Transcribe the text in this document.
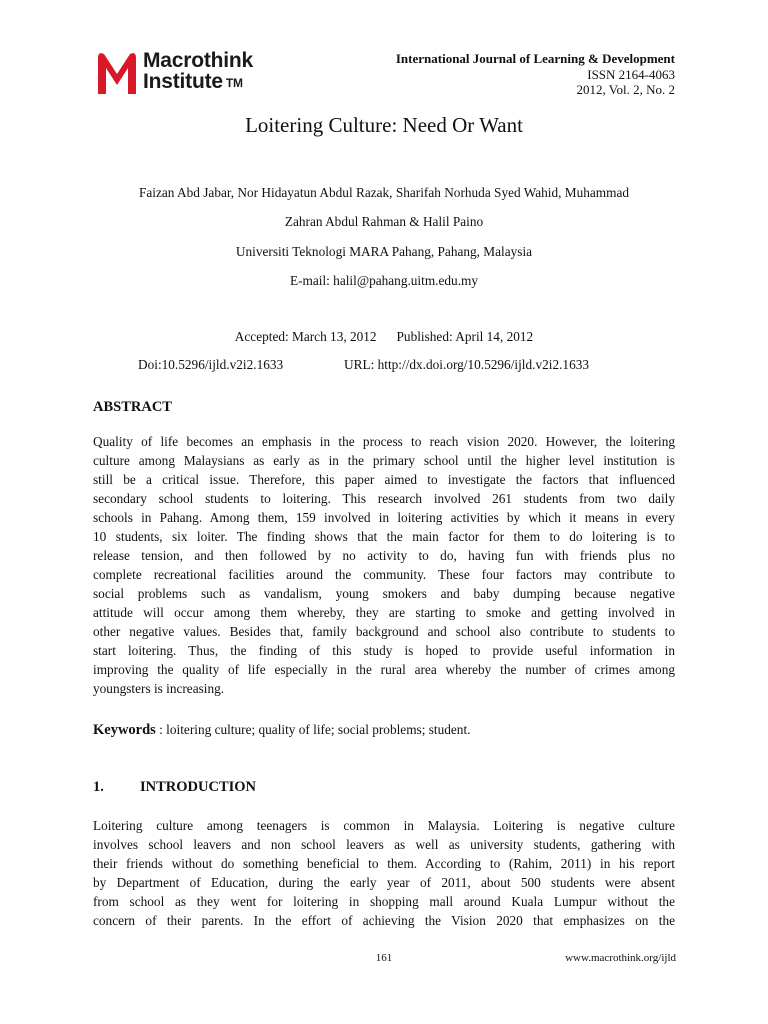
Macrothink
Institute ™
International Journal of Learning & Development
ISSN 2164-4063
2012, Vol. 2, No. 2
Loitering Culture: Need Or Want
Faizan Abd Jabar, Nor Hidayatun Abdul Razak, Sharifah Norhuda Syed Wahid, Muhammad
Zahran Abdul Rahman & Halil Paino
Universiti Teknologi MARA Pahang, Pahang, Malaysia
E-mail: halil@pahang.uitm.edu.my
Accepted: March 13, 2012      Published: April 14, 2012
Doi:10.5296/ijld.v2i2.1633	URL: http://dx.doi.org/10.5296/ijld.v2i2.1633
ABSTRACT
Quality of life becomes an emphasis in the process to reach vision 2020. However, the loitering
culture among Malaysians as early as in the primary school until the higher level institution is
still be a critical issue. Therefore, this paper aimed to investigate the factors that influenced
secondary school students to loitering. This research involved 261 students from two daily
schools in Pahang. Among them, 159 involved in loitering activities by which it means in every
10 students, six loiter. The finding shows that the main factor for them to do loitering is to
release tension, and then followed by no activity to do, having fun with friends plus no
complete recreational facilities around the community. These four factors may contribute to
social problems such as vandalism, young smokers and baby dumping because negative
attitude will occur among them whereby, they are starting to smoke and getting involved in
other negative values. Besides that, family background and school also contribute to students to
start loitering. Thus, the finding of this study is hoped to provide useful information in
improving the quality of life especially in the rural area whereby the number of crimes among
youngsters is increasing.
Keywords : loitering culture; quality of life; social problems; student.
1. INTRODUCTION
Loitering culture among teenagers is common in Malaysia. Loitering is negative culture
involves school leavers and non school leavers as well as university students, gathering with
their friends without do something beneficial to them. According to (Rahim, 2011) in his report
by Department of Education, during the early year of 2011, about 500 students were absent
from school as they went for loitering in shopping mall around Kuala Lumpur without the
concern of their parents. In the effort of achieving the Vision 2020 that emphasizes on the
161	www.macrothink.org/ijld
